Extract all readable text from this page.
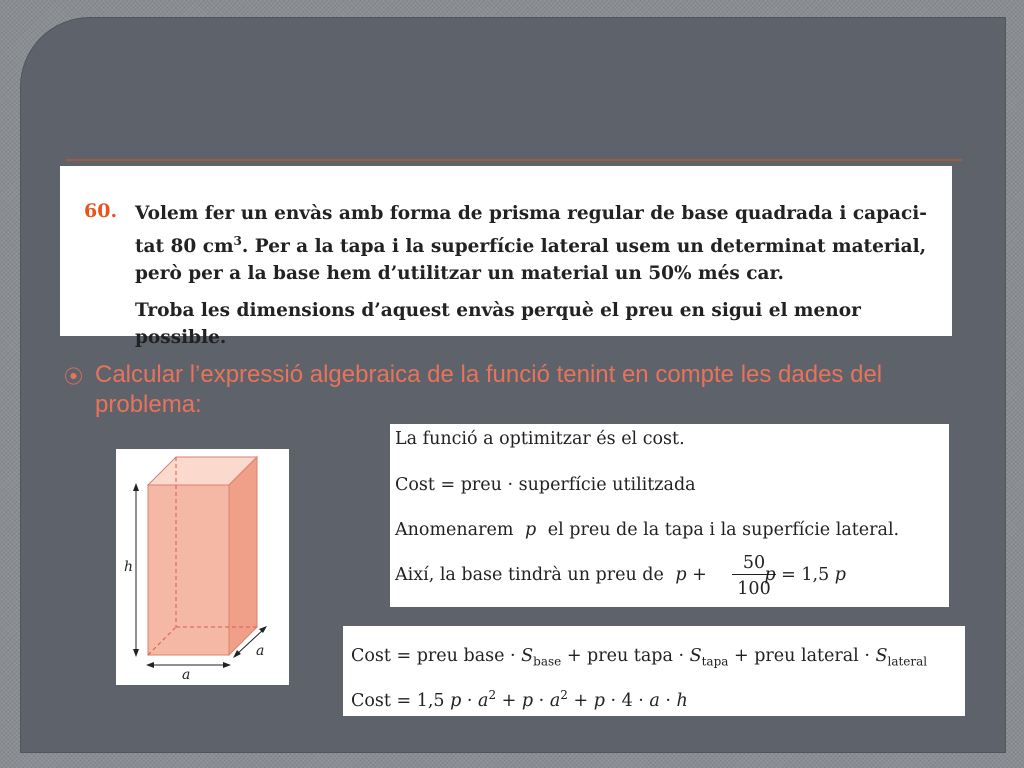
60. Volem fer un envàs amb forma de prisma regular de base quadrada i capaci-

tat 80 $cm^3$. Per a la tapa i la superfície lateral usem un determinat material,

però per a la base hem d’utilitzar un material un 50% més car.

Troba les dimensions d’aquest envàs perquè el preu en sigui el menor possible.

⦿ Calcular l’expressió algebraica de la funció tenint en compte les dades del problema:
h
a
a
La funció a optimitzar és el cost.
Cost = preu · superfície utilitzada
Anomenarem p el preu de la tapa i la superfície lateral.
Així, la base tindrà un preu de p +	p = 1,5 p
50
100
Cost = preu base · $S_{base}$ + preu tapa · $S_{tapa}$ + preu lateral · $S_{lateral}$
Cost = 1,5 $p \cdot a^2 + p \cdot a^2 + p \cdot 4 \cdot a \cdot h$
